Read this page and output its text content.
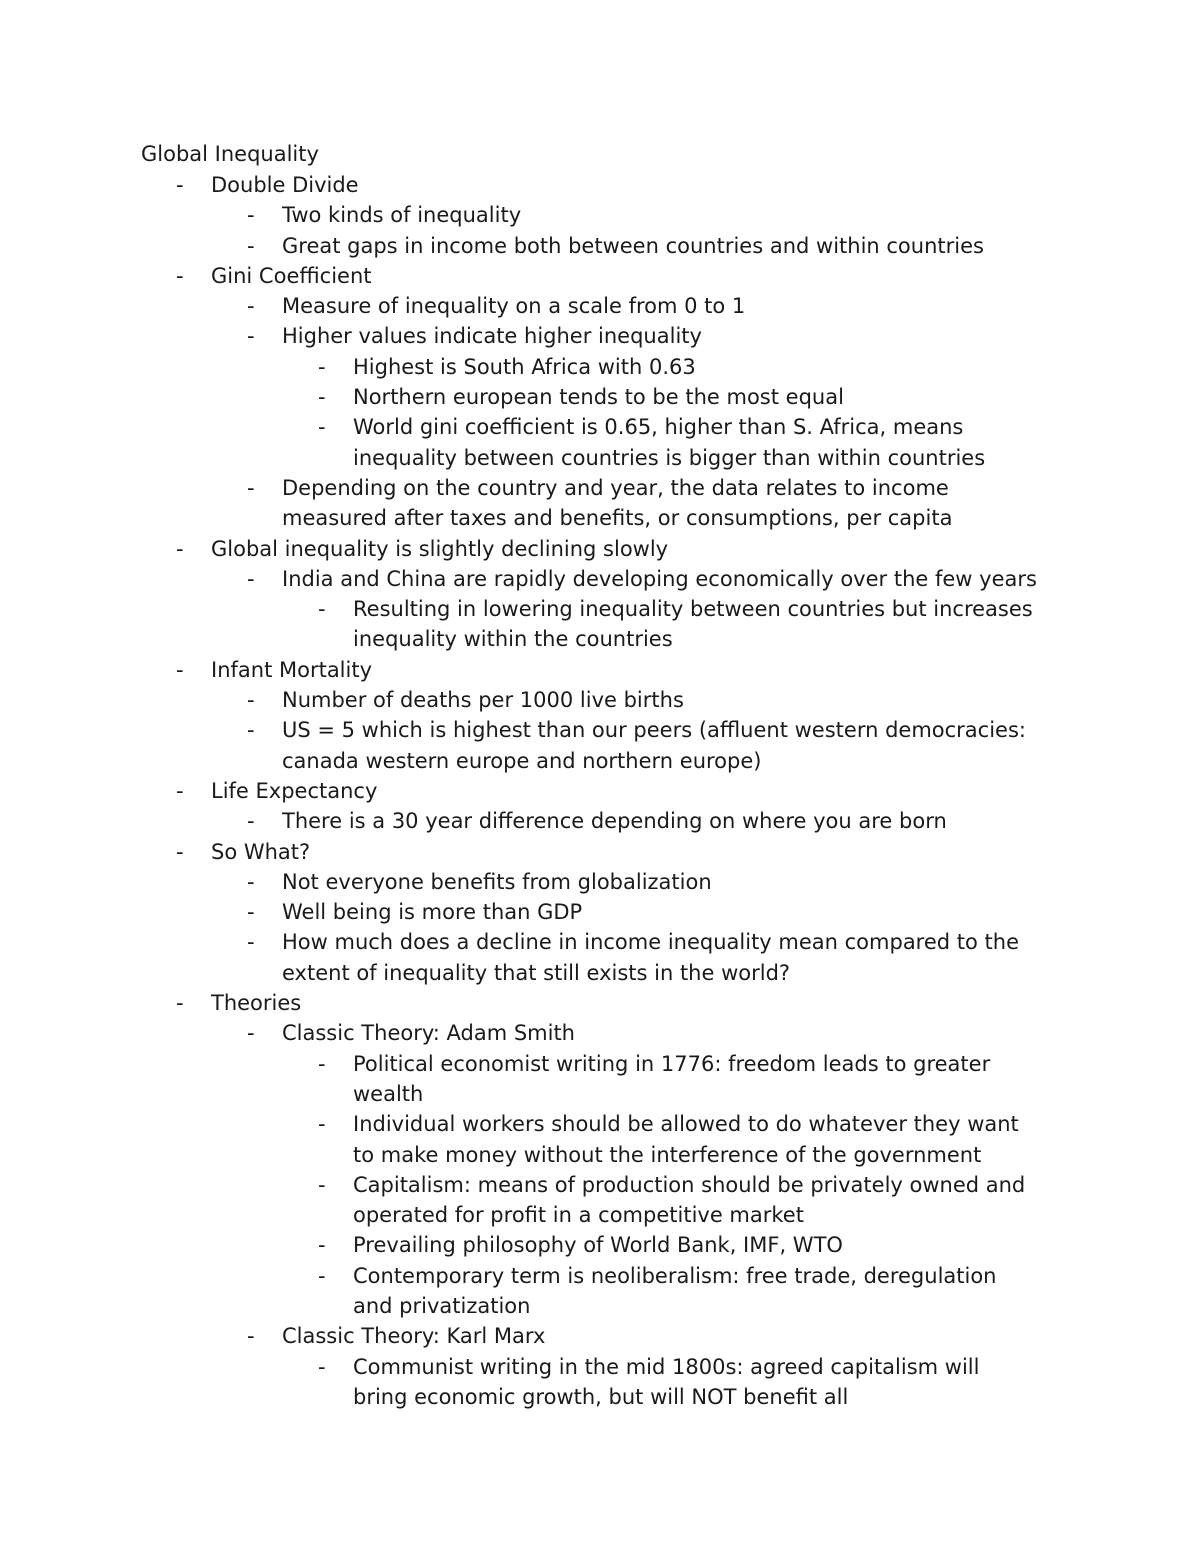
Global Inequality
-	Double Divide
-	Two kinds of inequality
-	Great gaps in income both between countries and within countries
-	Gini Coefficient
-	Measure of inequality on a scale from 0 to 1
-	Higher values indicate higher inequality
-	Highest is South Africa with 0.63
-	Northern european tends to be the most equal
-	World gini coefficient is 0.65, higher than S. Africa, means
inequality between countries is bigger than within countries
-	Depending on the country and year, the data relates to income
measured after taxes and benefits, or consumptions, per capita
-	Global inequality is slightly declining slowly
-	India and China are rapidly developing economically over the few years
-	Resulting in lowering inequality between countries but increases
inequality within the countries
-	Infant Mortality
-	Number of deaths per 1000 live births
-	US = 5 which is highest than our peers (affluent western democracies:
canada western europe and northern europe)
-	Life Expectancy
-	There is a 30 year difference depending on where you are born
-	So What?
-	Not everyone benefits from globalization
-	Well being is more than GDP
-	How much does a decline in income inequality mean compared to the
extent of inequality that still exists in the world?
-	Theories
-	Classic Theory: Adam Smith
-	Political economist writing in 1776: freedom leads to greater
wealth
-	Individual workers should be allowed to do whatever they want
to make money without the interference of the government
-	Capitalism: means of production should be privately owned and
operated for profit in a competitive market
-	Prevailing philosophy of World Bank, IMF, WTO
-	Contemporary term is neoliberalism: free trade, deregulation
and privatization
-	Classic Theory: Karl Marx
-	Communist writing in the mid 1800s: agreed capitalism will
bring economic growth, but will NOT benefit all
